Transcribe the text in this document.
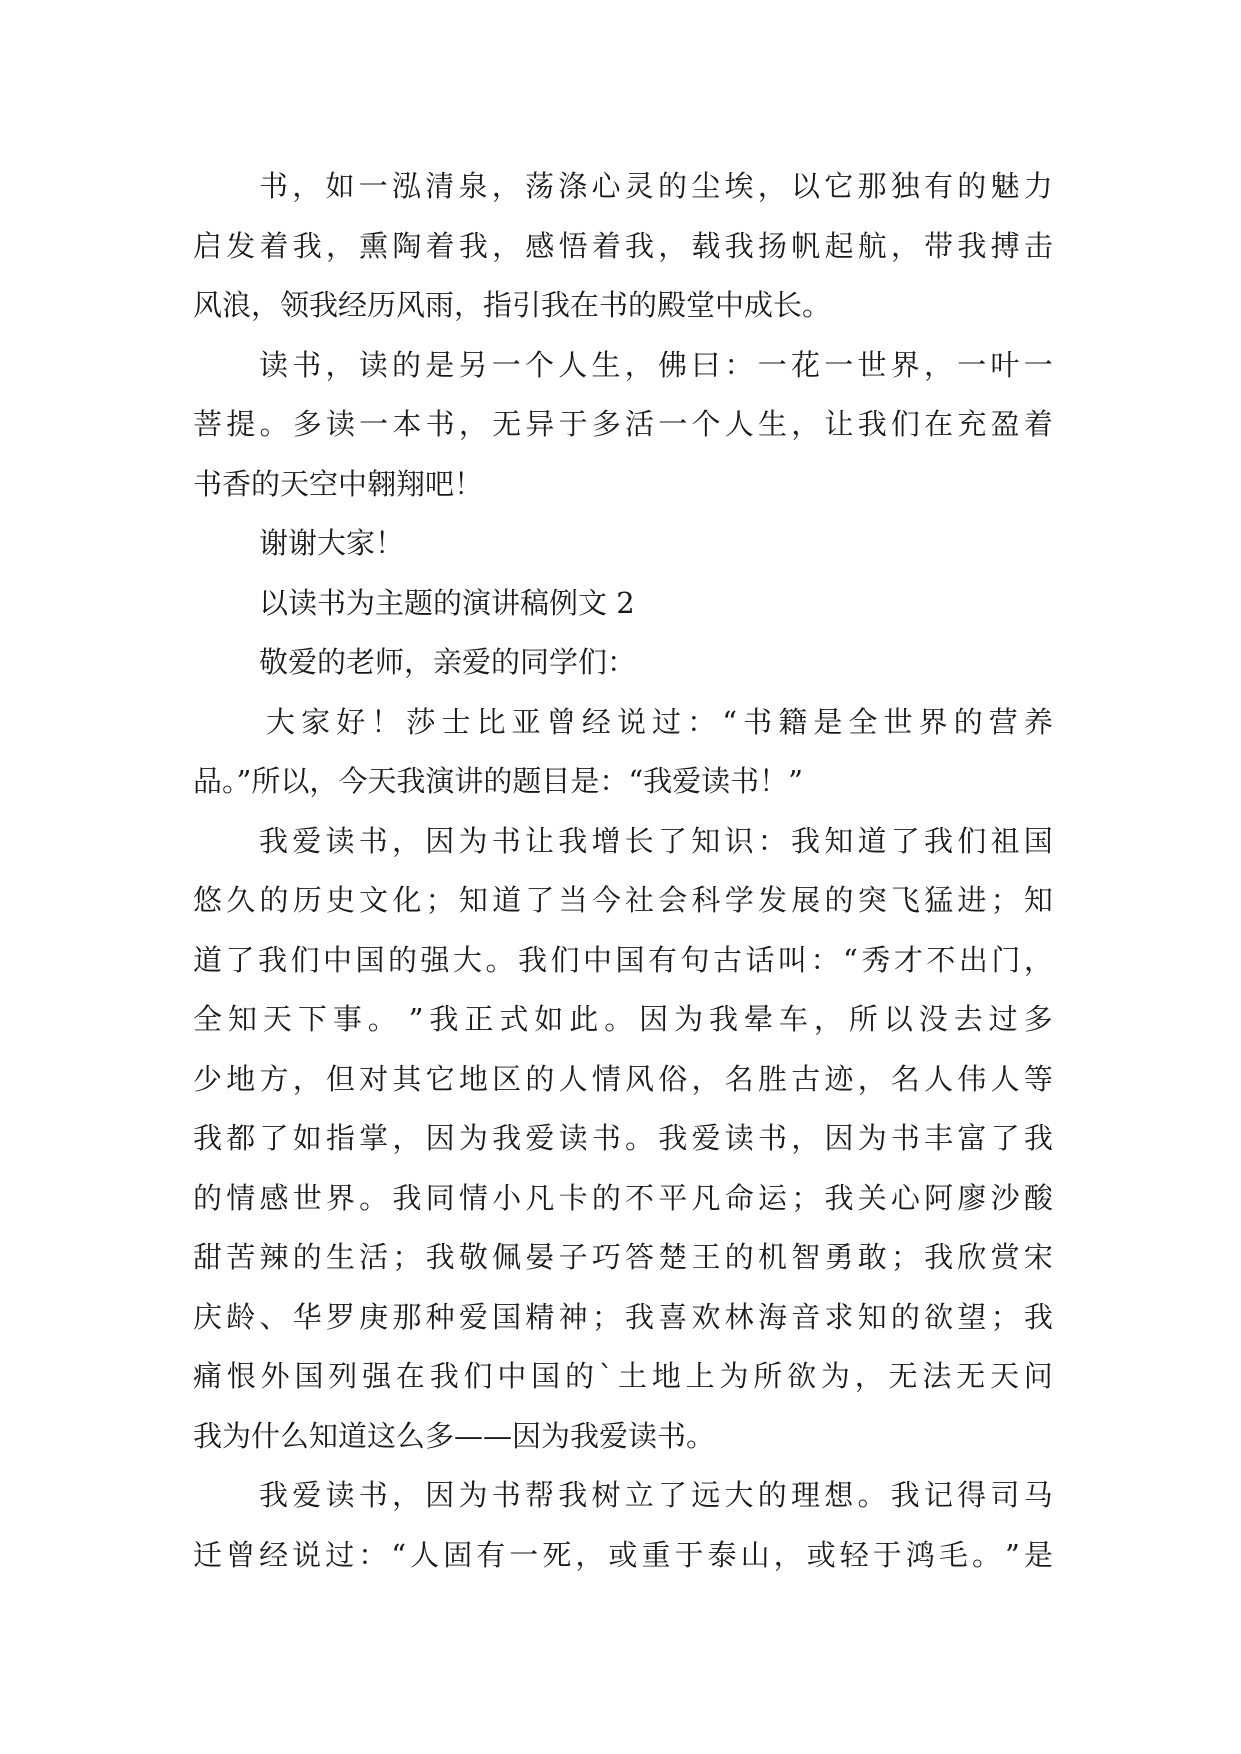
书 ， 如 一 泓 清 泉 ， 荡 涤 心 灵 的 尘 埃 ， 以 它 那 独 有 的 魅 力
启 发 着 我 ， 熏 陶 着 我 ， 感 悟 着 我 ， 载 我 扬 帆 起 航 ， 带 我 搏 击
风浪，领我经历风雨，指引我在书的殿堂中成长。
读 书 ， 读 的 是 另 一 个 人 生 ， 佛 曰 ： 一 花 一 世 界 ， 一 叶 一
菩 提 。 多 读 一 本 书 ， 无 异 于 多 活 一 个 人 生 ， 让 我 们 在 充 盈 着
书香的天空中翱翔吧！
谢谢大家！
以读书为主题的演讲稿例文 2
敬爱的老师，亲爱的同学们：
大 家 好 ！ 莎 士 比 亚 曾 经 说 过 ： “ 书 籍 是 全 世 界 的 营 养
品。”所以，今天我演讲的题目是：“我爱读书！”
我 爱 读 书 ， 因 为 书 让 我 增 长 了 知 识 ： 我 知 道 了 我 们 祖 国
悠 久 的 历 史 文 化 ； 知 道 了 当 今 社 会 科 学 发 展 的 突 飞 猛 进 ； 知
道 了 我 们 中 国 的 强 大 。 我 们 中 国 有 句 古 话 叫 ： “ 秀 才 不 出 门 ，
全 知 天 下 事 。 ” 我 正 式 如 此 。 因 为 我 晕 车 ， 所 以 没 去 过 多
少 地 方 ， 但 对 其 它 地 区 的 人 情 风 俗 ， 名 胜 古 迹 ， 名 人 伟 人 等
我 都 了 如 指 掌 ， 因 为 我 爱 读 书 。 我 爱 读 书 ， 因 为 书 丰 富 了 我
的 情 感 世 界 。 我 同 情 小 凡 卡 的 不 平 凡 命 运 ； 我 关 心 阿 廖 沙 酸
甜 苦 辣 的 生 活 ； 我 敬 佩 晏 子 巧 答 楚 王 的 机 智 勇 敢 ； 我 欣 赏 宋
庆 龄 、 华 罗 庚 那 种 爱 国 精 神 ； 我 喜 欢 林 海 音 求 知 的 欲 望 ； 我
痛 恨 外 国 列 强 在 我 们 中 国 的 ` 土 地 上 为 所 欲 为 ， 无 法 无 天 问
我为什么知道这么多——因为我爱读书。
我 爱 读 书 ， 因 为 书 帮 我 树 立 了 远 大 的 理 想 。 我 记 得 司 马
迁 曾 经 说 过 ： “ 人 固 有 一 死 ， 或 重 于 泰 山 ， 或 轻 于 鸿 毛 。 ” 是
